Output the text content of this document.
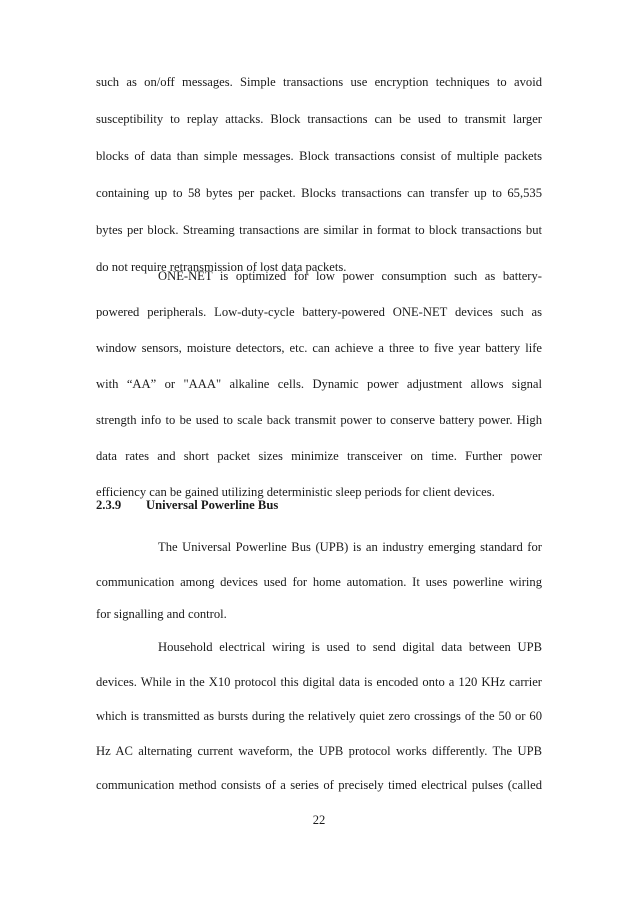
such as on/off messages. Simple transactions use encryption techniques to avoid
susceptibility to replay attacks. Block transactions can be used to transmit larger
blocks of data than simple messages. Block transactions consist of multiple packets
containing up to 58 bytes per packet. Blocks transactions can transfer up to 65,535
bytes per block. Streaming transactions are similar in format to block transactions but
do not require retransmission of lost data packets.
ONE-NET is optimized for low power consumption such as battery-
powered peripherals. Low-duty-cycle battery-powered ONE-NET devices such as
window sensors, moisture detectors, etc. can achieve a three to five year battery life
with “AA” or "AAA" alkaline cells. Dynamic power adjustment allows signal
strength info to be used to scale back transmit power to conserve battery power. High
data rates and short packet sizes minimize transceiver on time. Further power
efficiency can be gained utilizing deterministic sleep periods for client devices.
2.3.9 Universal Powerline Bus
The Universal Powerline Bus (UPB) is an industry emerging standard for
communication among devices used for home automation. It uses powerline wiring
for signalling and control.
Household electrical wiring is used to send digital data between UPB
devices. While in the X10 protocol this digital data is encoded onto a 120 KHz carrier
which is transmitted as bursts during the relatively quiet zero crossings of the 50 or 60
Hz AC alternating current waveform, the UPB protocol works differently. The UPB
communication method consists of a series of precisely timed electrical pulses (called
22
